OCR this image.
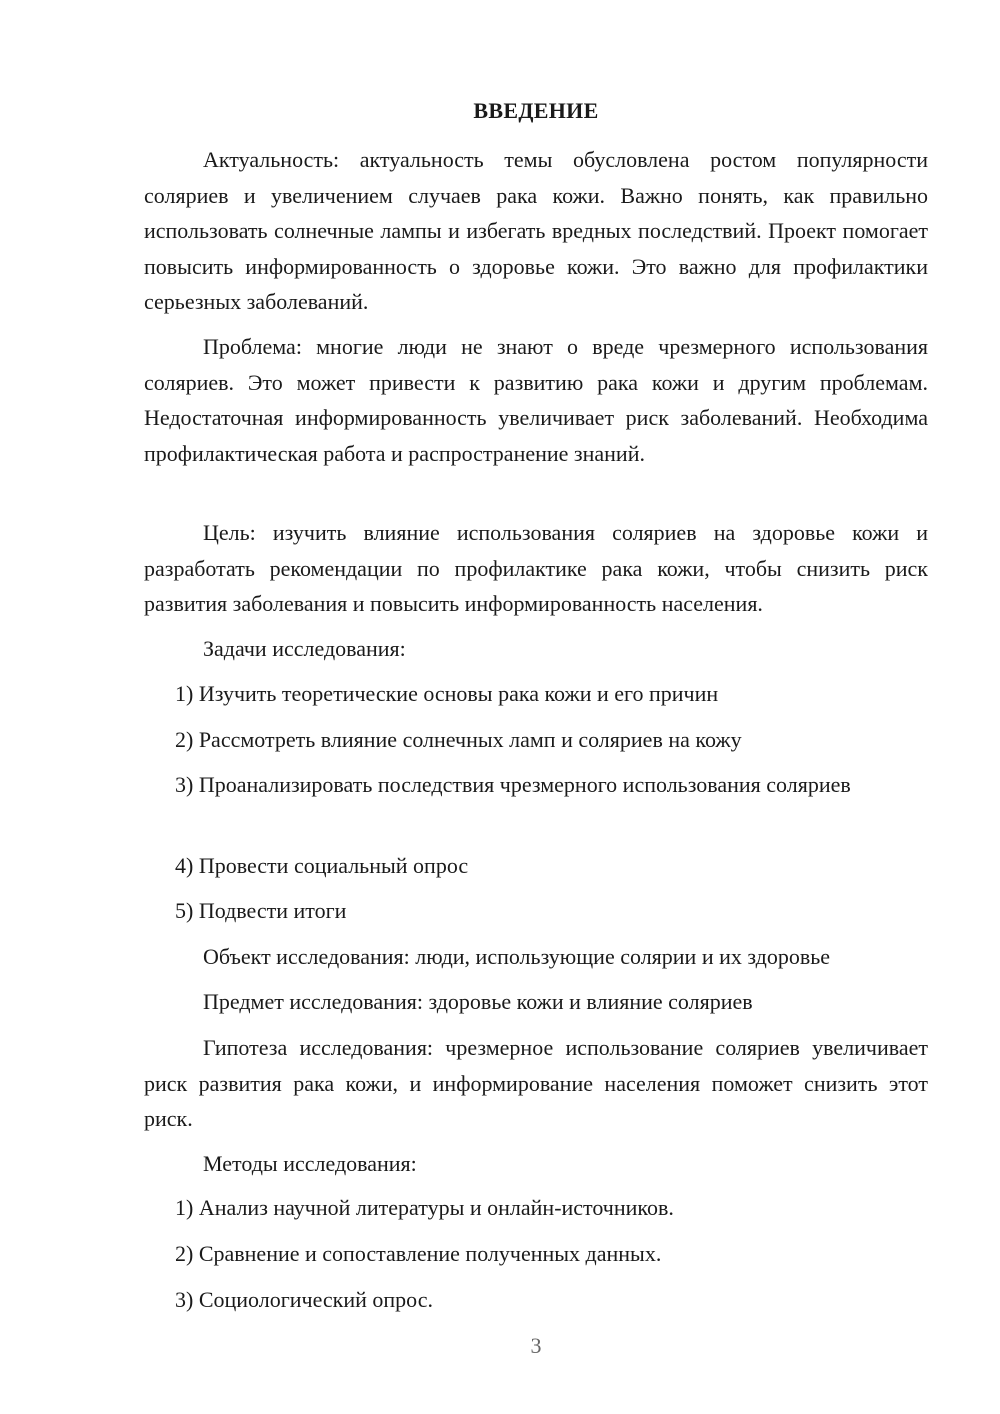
ВВЕДЕНИЕ

Актуальность: актуальность темы обусловлена ростом популярности соляриев и увеличением случаев рака кожи. Важно понять, как правильно использовать солнечные лампы и избегать вредных последствий. Проект помогает повысить информированность о здоровье кожи. Это важно для профилактики серьезных заболеваний.

Проблема: многие люди не знают о вреде чрезмерного использования соляриев. Это может привести к развитию рака кожи и другим проблемам. Недостаточная информированность увеличивает риск заболеваний. Необходима профилактическая работа и распространение знаний.

Цель: изучить влияние использования соляриев на здоровье кожи и разработать рекомендации по профилактике рака кожи, чтобы снизить риск развития заболевания и повысить информированность населения.

Задачи исследования:

1) Изучить теоретические основы рака кожи и его причин

2) Рассмотреть влияние солнечных ламп и соляриев на кожу

3) Проанализировать последствия чрезмерного использования соляриев

4) Провести социальный опрос

5) Подвести итоги

Объект исследования: люди, использующие солярии и их здоровье

Предмет исследования: здоровье кожи и влияние соляриев

Гипотеза исследования: чрезмерное использование соляриев увеличивает риск развития рака кожи, и информирование населения поможет снизить этот риск.

Методы исследования:

1) Анализ научной литературы и онлайн-источников.

2) Сравнение и сопоставление полученных данных.

3) Социологический опрос.

3
